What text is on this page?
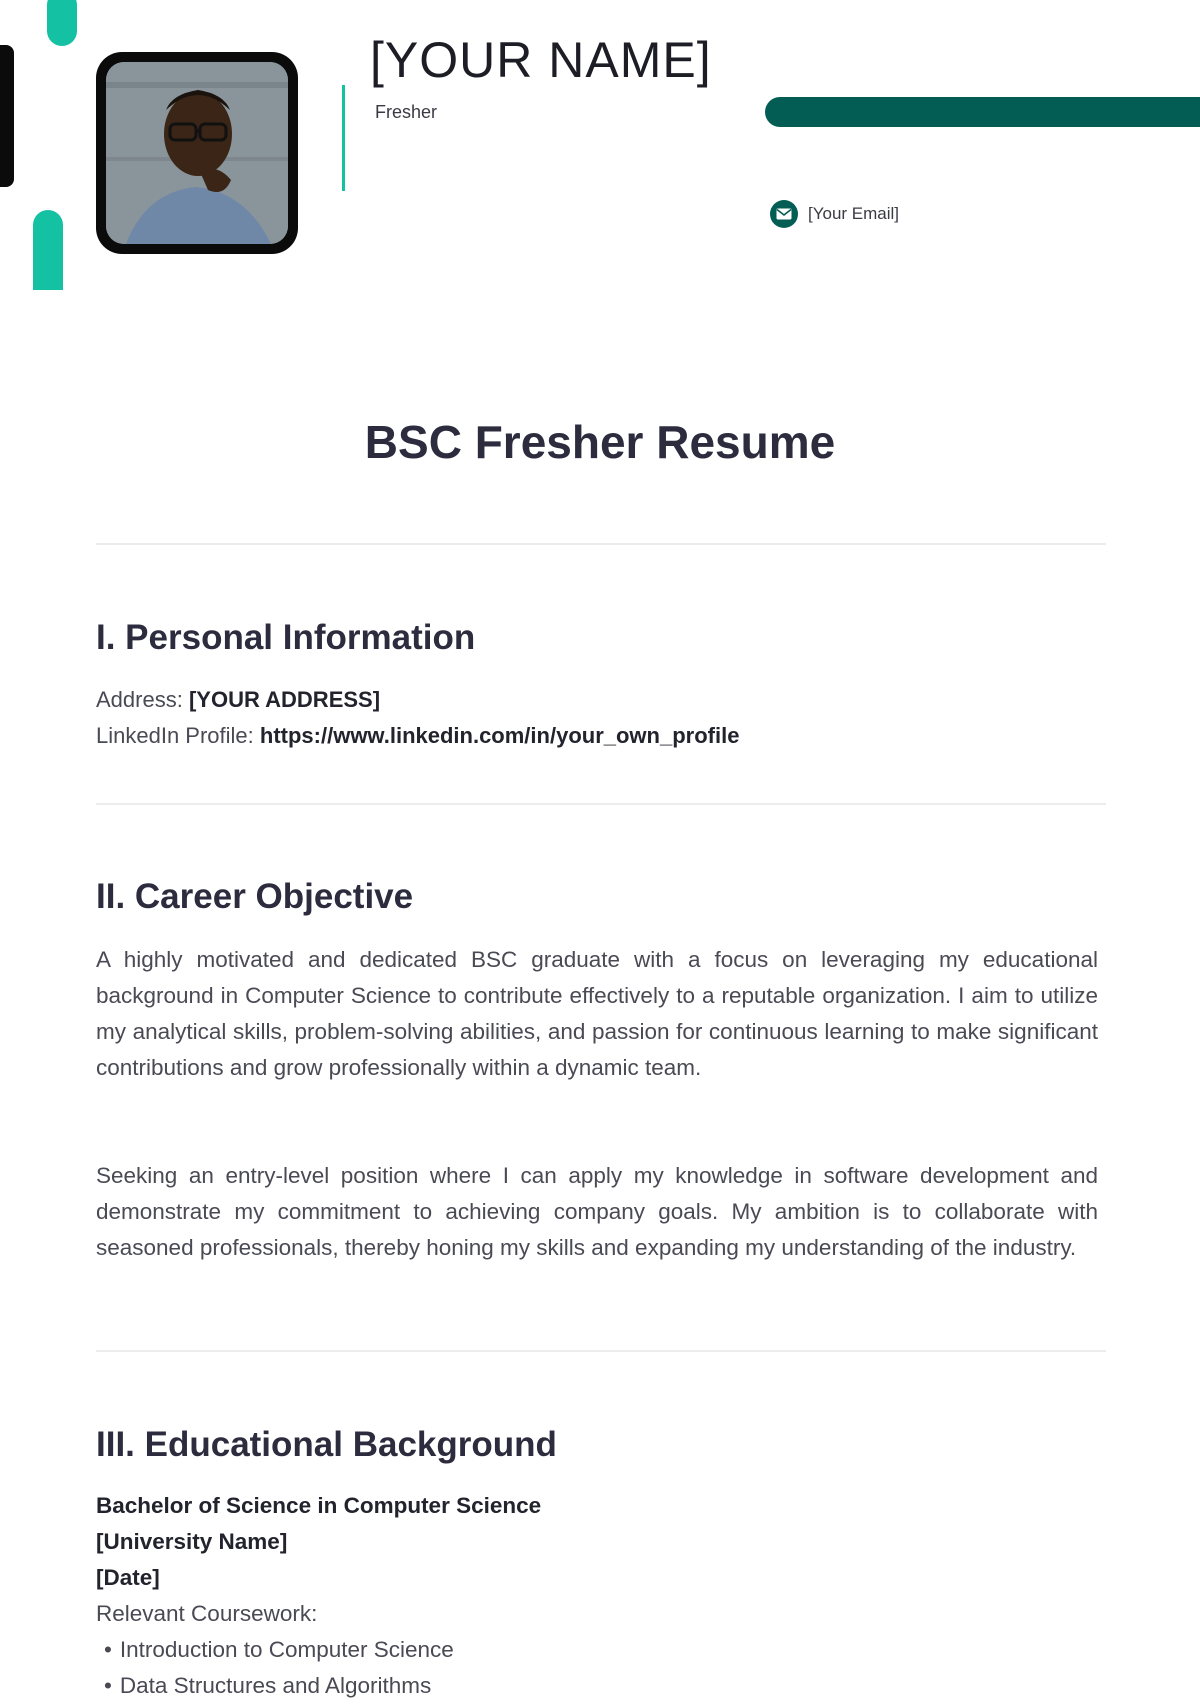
[YOUR NAME]
Fresher
[Your Email]
BSC Fresher Resume
I. Personal Information
Address: [YOUR ADDRESS]
LinkedIn Profile: https://www.linkedin.com/in/your_own_profile
II. Career Objective

A highly motivated and dedicated BSC graduate with a focus on leveraging my educational background in Computer Science to contribute effectively to a reputable organization. I aim to utilize my analytical skills, problem-solving abilities, and passion for continuous learning to make significant contributions and grow professionally within a dynamic team.

Seeking an entry-level position where I can apply my knowledge in software development and demonstrate my commitment to achieving company goals. My ambition is to collaborate with seasoned professionals, thereby honing my skills and expanding my understanding of the industry.

III. Educational Background
Bachelor of Science in Computer Science
[University Name]
[Date]
Relevant Coursework:
• Introduction to Computer Science
• Data Structures and Algorithms
